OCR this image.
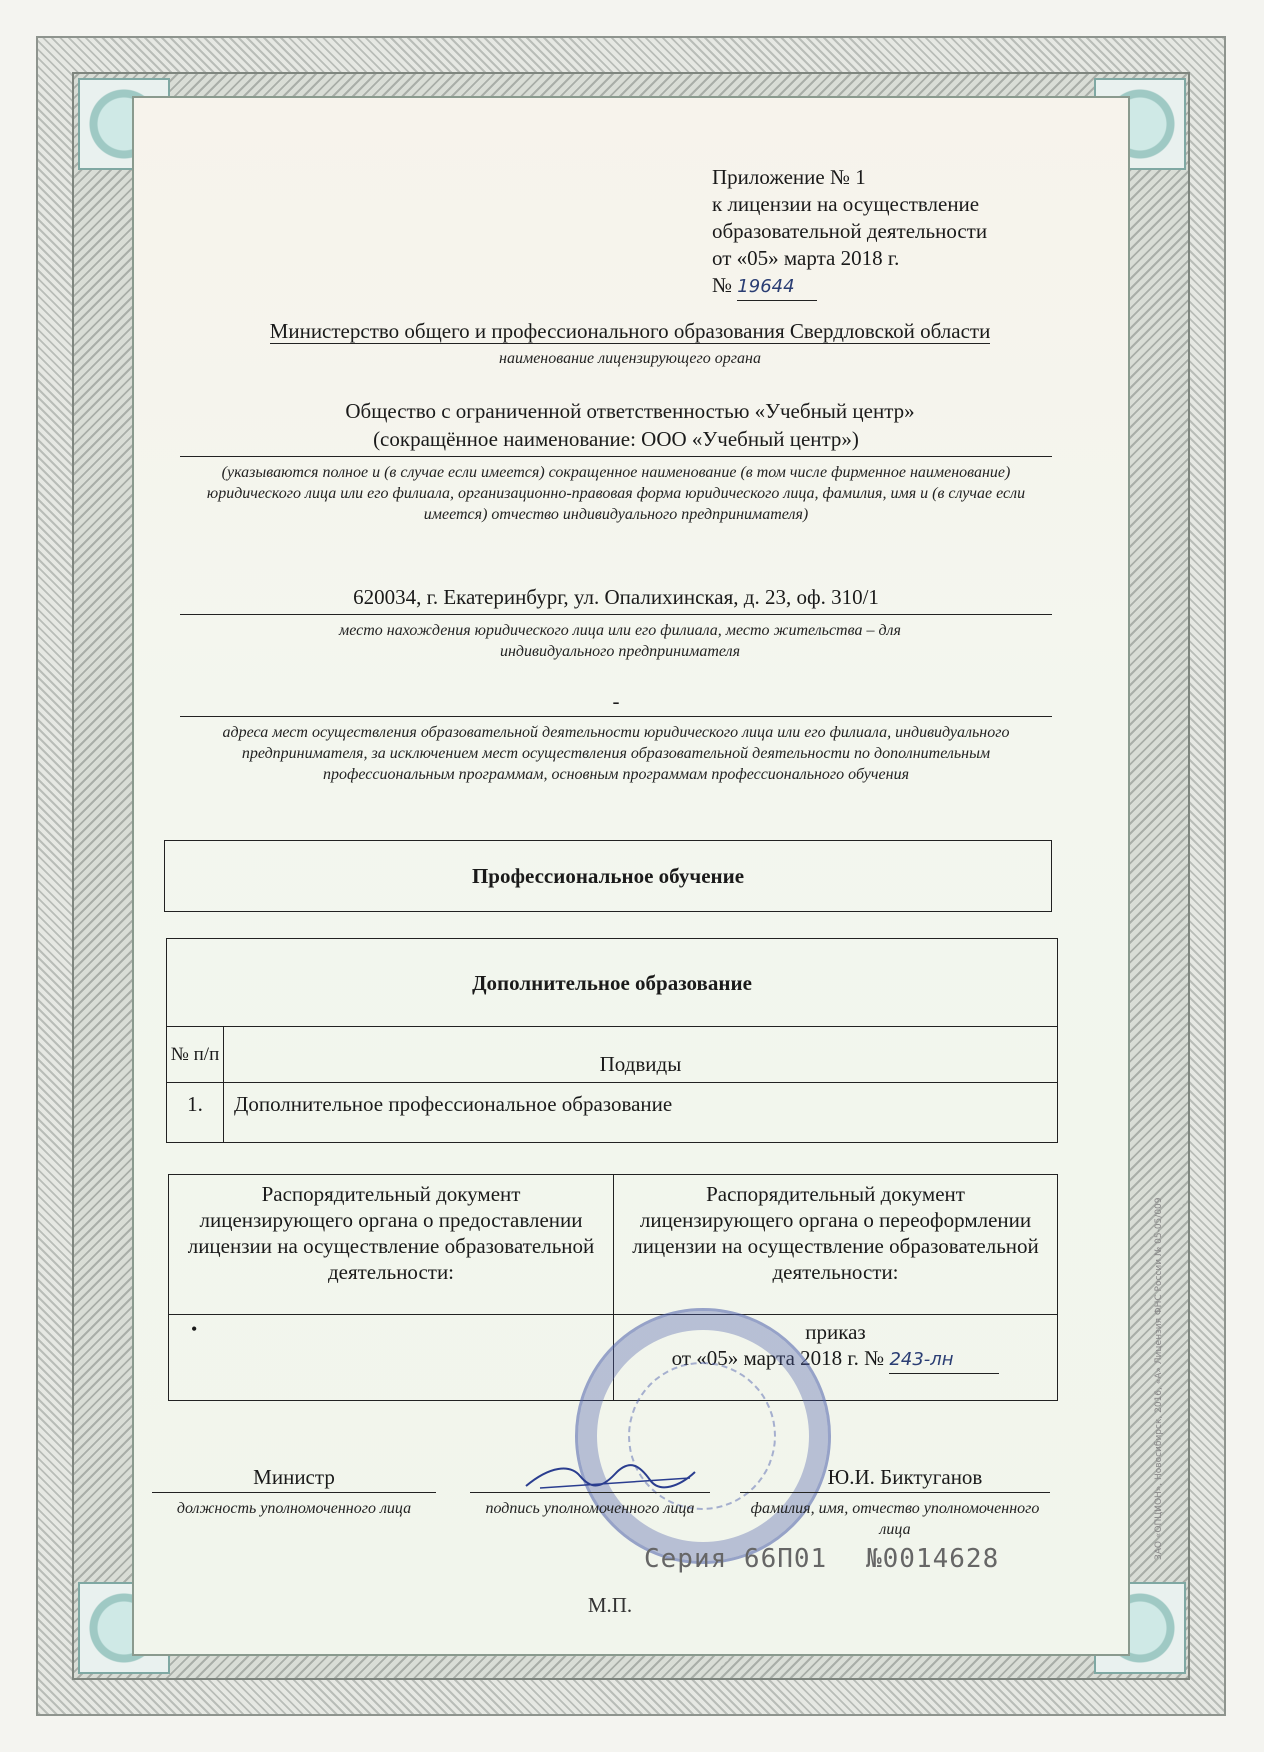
Приложение № 1
к лицензии на осуществление
образовательной деятельности
от «05» марта 2018 г.
№ 19644
Министерство общего и профессионального образования Свердловской области
наименование лицензирующего органа
Общество с ограниченной ответственностью «Учебный центр»
(сокращённое наименование: ООО «Учебный центр»)
(указываются полное и (в случае если имеется) сокращенное наименование (в том числе фирменное наименование) юридического лица или его филиала, организационно-правовая форма юридического лица, фамилия, имя и (в случае если имеется) отчество индивидуального предпринимателя)
620034, г. Екатеринбург, ул. Опалихинская, д. 23, оф. 310/1
место нахождения юридического лица или его филиала, место жительства – для индивидуального предпринимателя
-
адреса мест осуществления образовательной деятельности юридического лица или его филиала, индивидуального предпринимателя, за исключением мест осуществления образовательной деятельности по дополнительным профессиональным программам, основным программам профессионального обучения
Профессиональное обучение
Дополнительное образование	
№ п/п	Подвиды
1.	Дополнительное профессиональное образование
Распорядительный документ лицензирующего органа о предоставлении лицензии на осуществление образовательной деятельности:	Распорядительный документ лицензирующего органа о переоформлении лицензии на осуществление образовательной деятельности:
•	приказ
от «05» марта 2018 г. № 243-лн
Министр
должность уполномоченного лица	подпись уполномоченного лица
Ю.И. Биктуганов
фамилия, имя, отчество уполномоченного лица
Серия 66П01 №0014628
М.П.
ЗАО «ОПЦИОН», Новосибирск, 2016, «А» Лицензия ФНС России № 05-05/009
